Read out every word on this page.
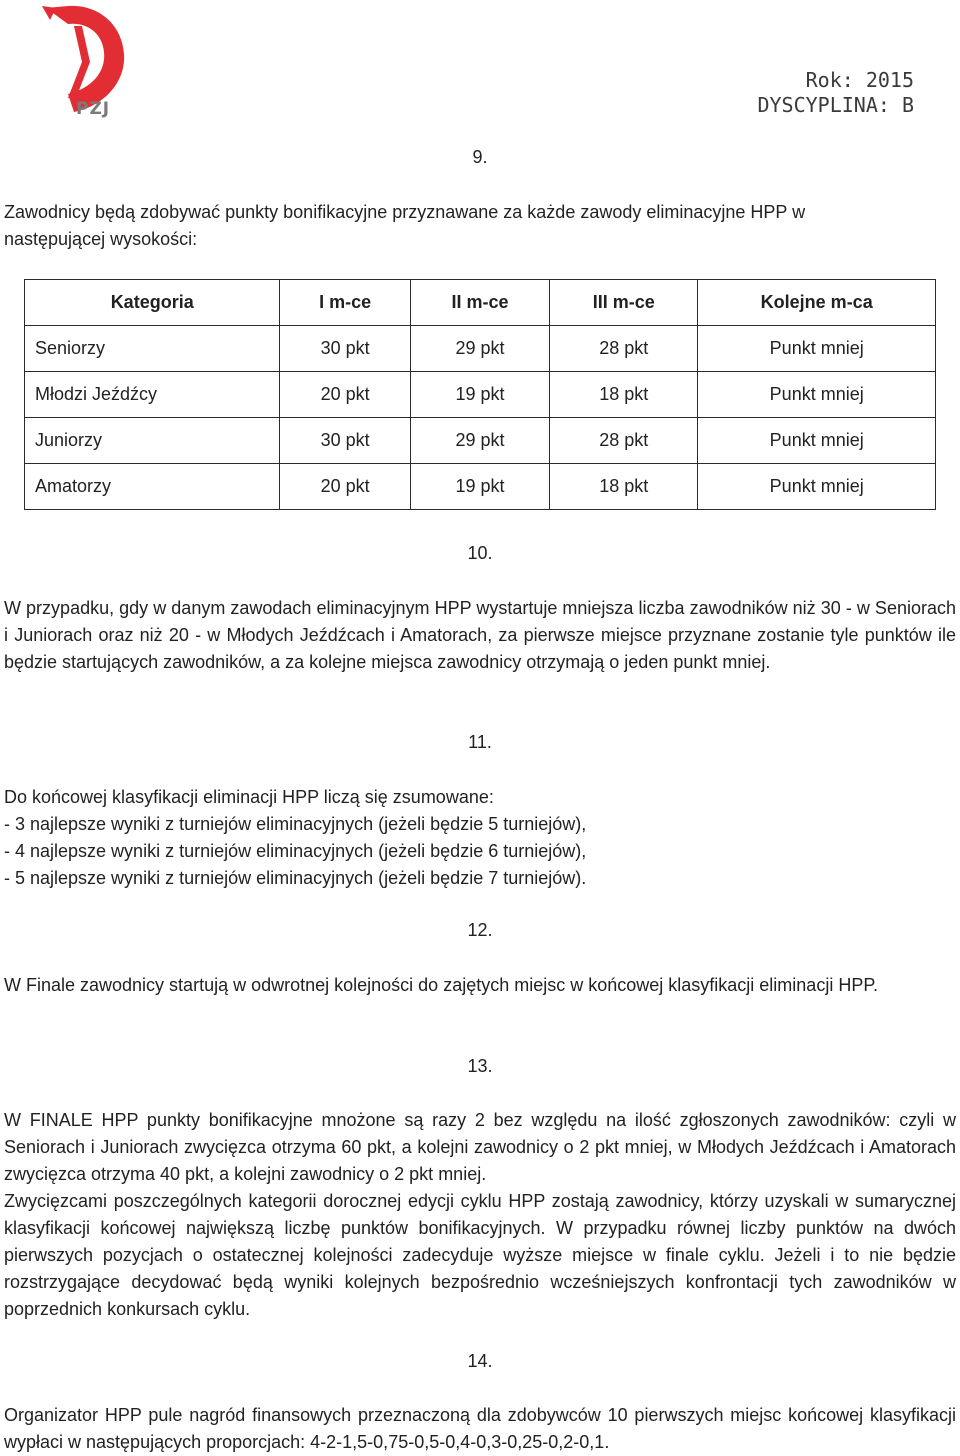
PZJ
Rok: 2015
DYSCYPLINA: B
9.
Zawodnicy będą zdobywać punkty bonifikacyjne przyznawane za każde zawody eliminacyjne HPP w
następującej wysokości:
Kategoria	I m-ce	II m-ce	III m-ce	Kolejne m-ca
Seniorzy	30 pkt	29 pkt	28 pkt	Punkt mniej
Młodzi Jeźdźcy	20 pkt	19 pkt	18 pkt	Punkt mniej
Juniorzy	30 pkt	29 pkt	28 pkt	Punkt mniej
Amatorzy	20 pkt	19 pkt	18 pkt	Punkt mniej
10.

W przypadku, gdy w danym zawodach eliminacyjnym HPP wystartuje mniejsza liczba zawodników niż 30 - w Seniorach i Juniorach oraz niż 20 - w Młodych Jeźdźcach i Amatorach, za pierwsze miejsce przyznane zostanie tyle punktów ile będzie startujących zawodników, a za kolejne miejsca zawodnicy otrzymają o jeden punkt mniej.

11.
Do końcowej klasyfikacji eliminacji HPP liczą się zsumowane:
- 3 najlepsze wyniki z turniejów eliminacyjnych (jeżeli będzie 5 turniejów),
- 4 najlepsze wyniki z turniejów eliminacyjnych (jeżeli będzie 6 turniejów),
- 5 najlepsze wyniki z turniejów eliminacyjnych (jeżeli będzie 7 turniejów).
12.

W Finale zawodnicy startują w odwrotnej kolejności do zajętych miejsc w końcowej klasyfikacji eliminacji HPP.

13.

W FINALE HPP punkty bonifikacyjne mnożone są razy 2 bez względu na ilość zgłoszonych zawodników: czyli w Seniorach i Juniorach zwycięzca otrzyma 60 pkt, a kolejni zawodnicy o 2 pkt mniej, w Młodych Jeźdźcach i Amatorach zwycięzca otrzyma 40 pkt, a kolejni zawodnicy o 2 pkt mniej.

Zwycięzcami poszczególnych kategorii dorocznej edycji cyklu HPP zostają zawodnicy, którzy uzyskali w sumarycznej klasyfikacji końcowej największą liczbę punktów bonifikacyjnych. W przypadku równej liczby punktów na dwóch pierwszych pozycjach o ostatecznej kolejności zadecyduje wyższe miejsce w finale cyklu. Jeżeli i to nie będzie rozstrzygające decydować będą wyniki kolejnych bezpośrednio wcześniejszych konfrontacji tych zawodników w poprzednich konkursach cyklu.

14.

Organizator HPP pule nagród finansowych przeznaczoną dla zdobywców 10 pierwszych miejsc końcowej klasyfikacji wypłaci w następujących proporcjach: 4-2-1,5-0,75-0,5-0,4-0,3-0,25-0,2-0,1.
